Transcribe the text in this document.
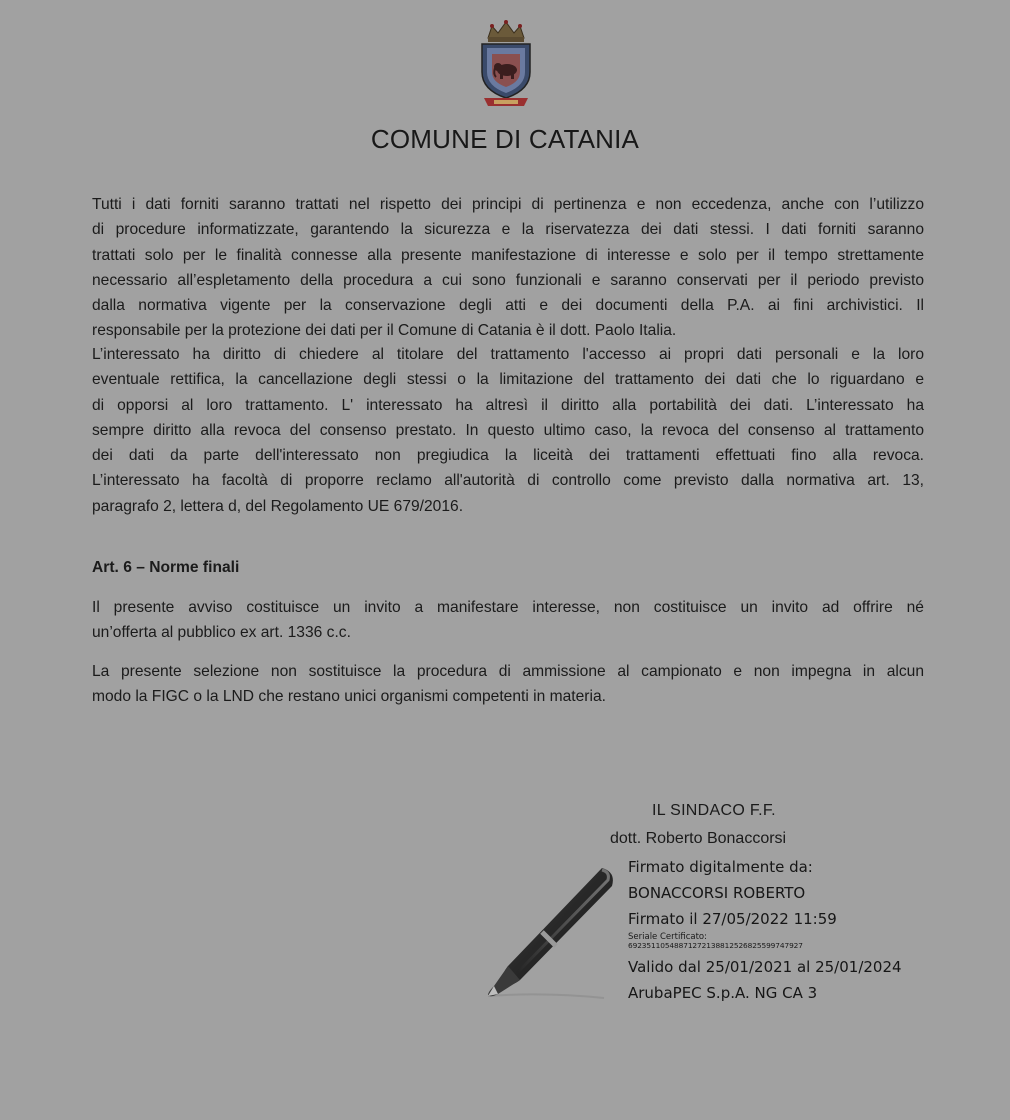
COMUNE DI CATANIA
Tutti i dati forniti saranno trattati nel rispetto dei principi di pertinenza e non eccedenza, anche con l’utilizzo
di procedure informatizzate, garantendo la sicurezza e la riservatezza dei dati stessi. I dati forniti saranno
trattati solo per le finalità connesse alla presente manifestazione di interesse e solo per il tempo strettamente
necessario all’espletamento della procedura a cui sono funzionali e saranno conservati per il periodo previsto
dalla normativa vigente per la conservazione degli atti e dei documenti della P.A. ai fini archivistici. Il
responsabile per la protezione dei dati per il Comune di Catania è il dott. Paolo Italia.
L’interessato ha diritto di chiedere al titolare del trattamento l'accesso ai propri dati personali e la loro
eventuale rettifica, la cancellazione degli stessi o la limitazione del trattamento dei dati che lo riguardano e
di opporsi al loro trattamento. L' interessato ha altresì il diritto alla portabilità dei dati. L’interessato ha
sempre diritto alla revoca del consenso prestato. In questo ultimo caso, la revoca del consenso al trattamento
dei dati da parte dell'interessato non pregiudica la liceità dei trattamenti effettuati fino alla revoca.
L’interessato ha facoltà di proporre reclamo all'autorità di controllo come previsto dalla normativa art. 13,
paragrafo 2, lettera d, del Regolamento UE 679/2016.
Art. 6 – Norme finali
Il presente avviso costituisce un invito a manifestare interesse, non costituisce un invito ad offrire né
un’offerta al pubblico ex art. 1336 c.c.
La presente selezione non sostituisce la procedura di ammissione al campionato e non impegna in alcun
modo la FIGC o la LND che restano unici organismi competenti in materia.
IL SINDACO F.F.
dott. Roberto Bonaccorsi
Firmato digitalmente da:
BONACCORSI ROBERTO
Firmato il 27/05/2022 11:59
Seriale Certificato:
69235110548871272138812526825599747927
Valido dal 25/01/2021 al 25/01/2024
ArubaPEC S.p.A. NG CA 3
